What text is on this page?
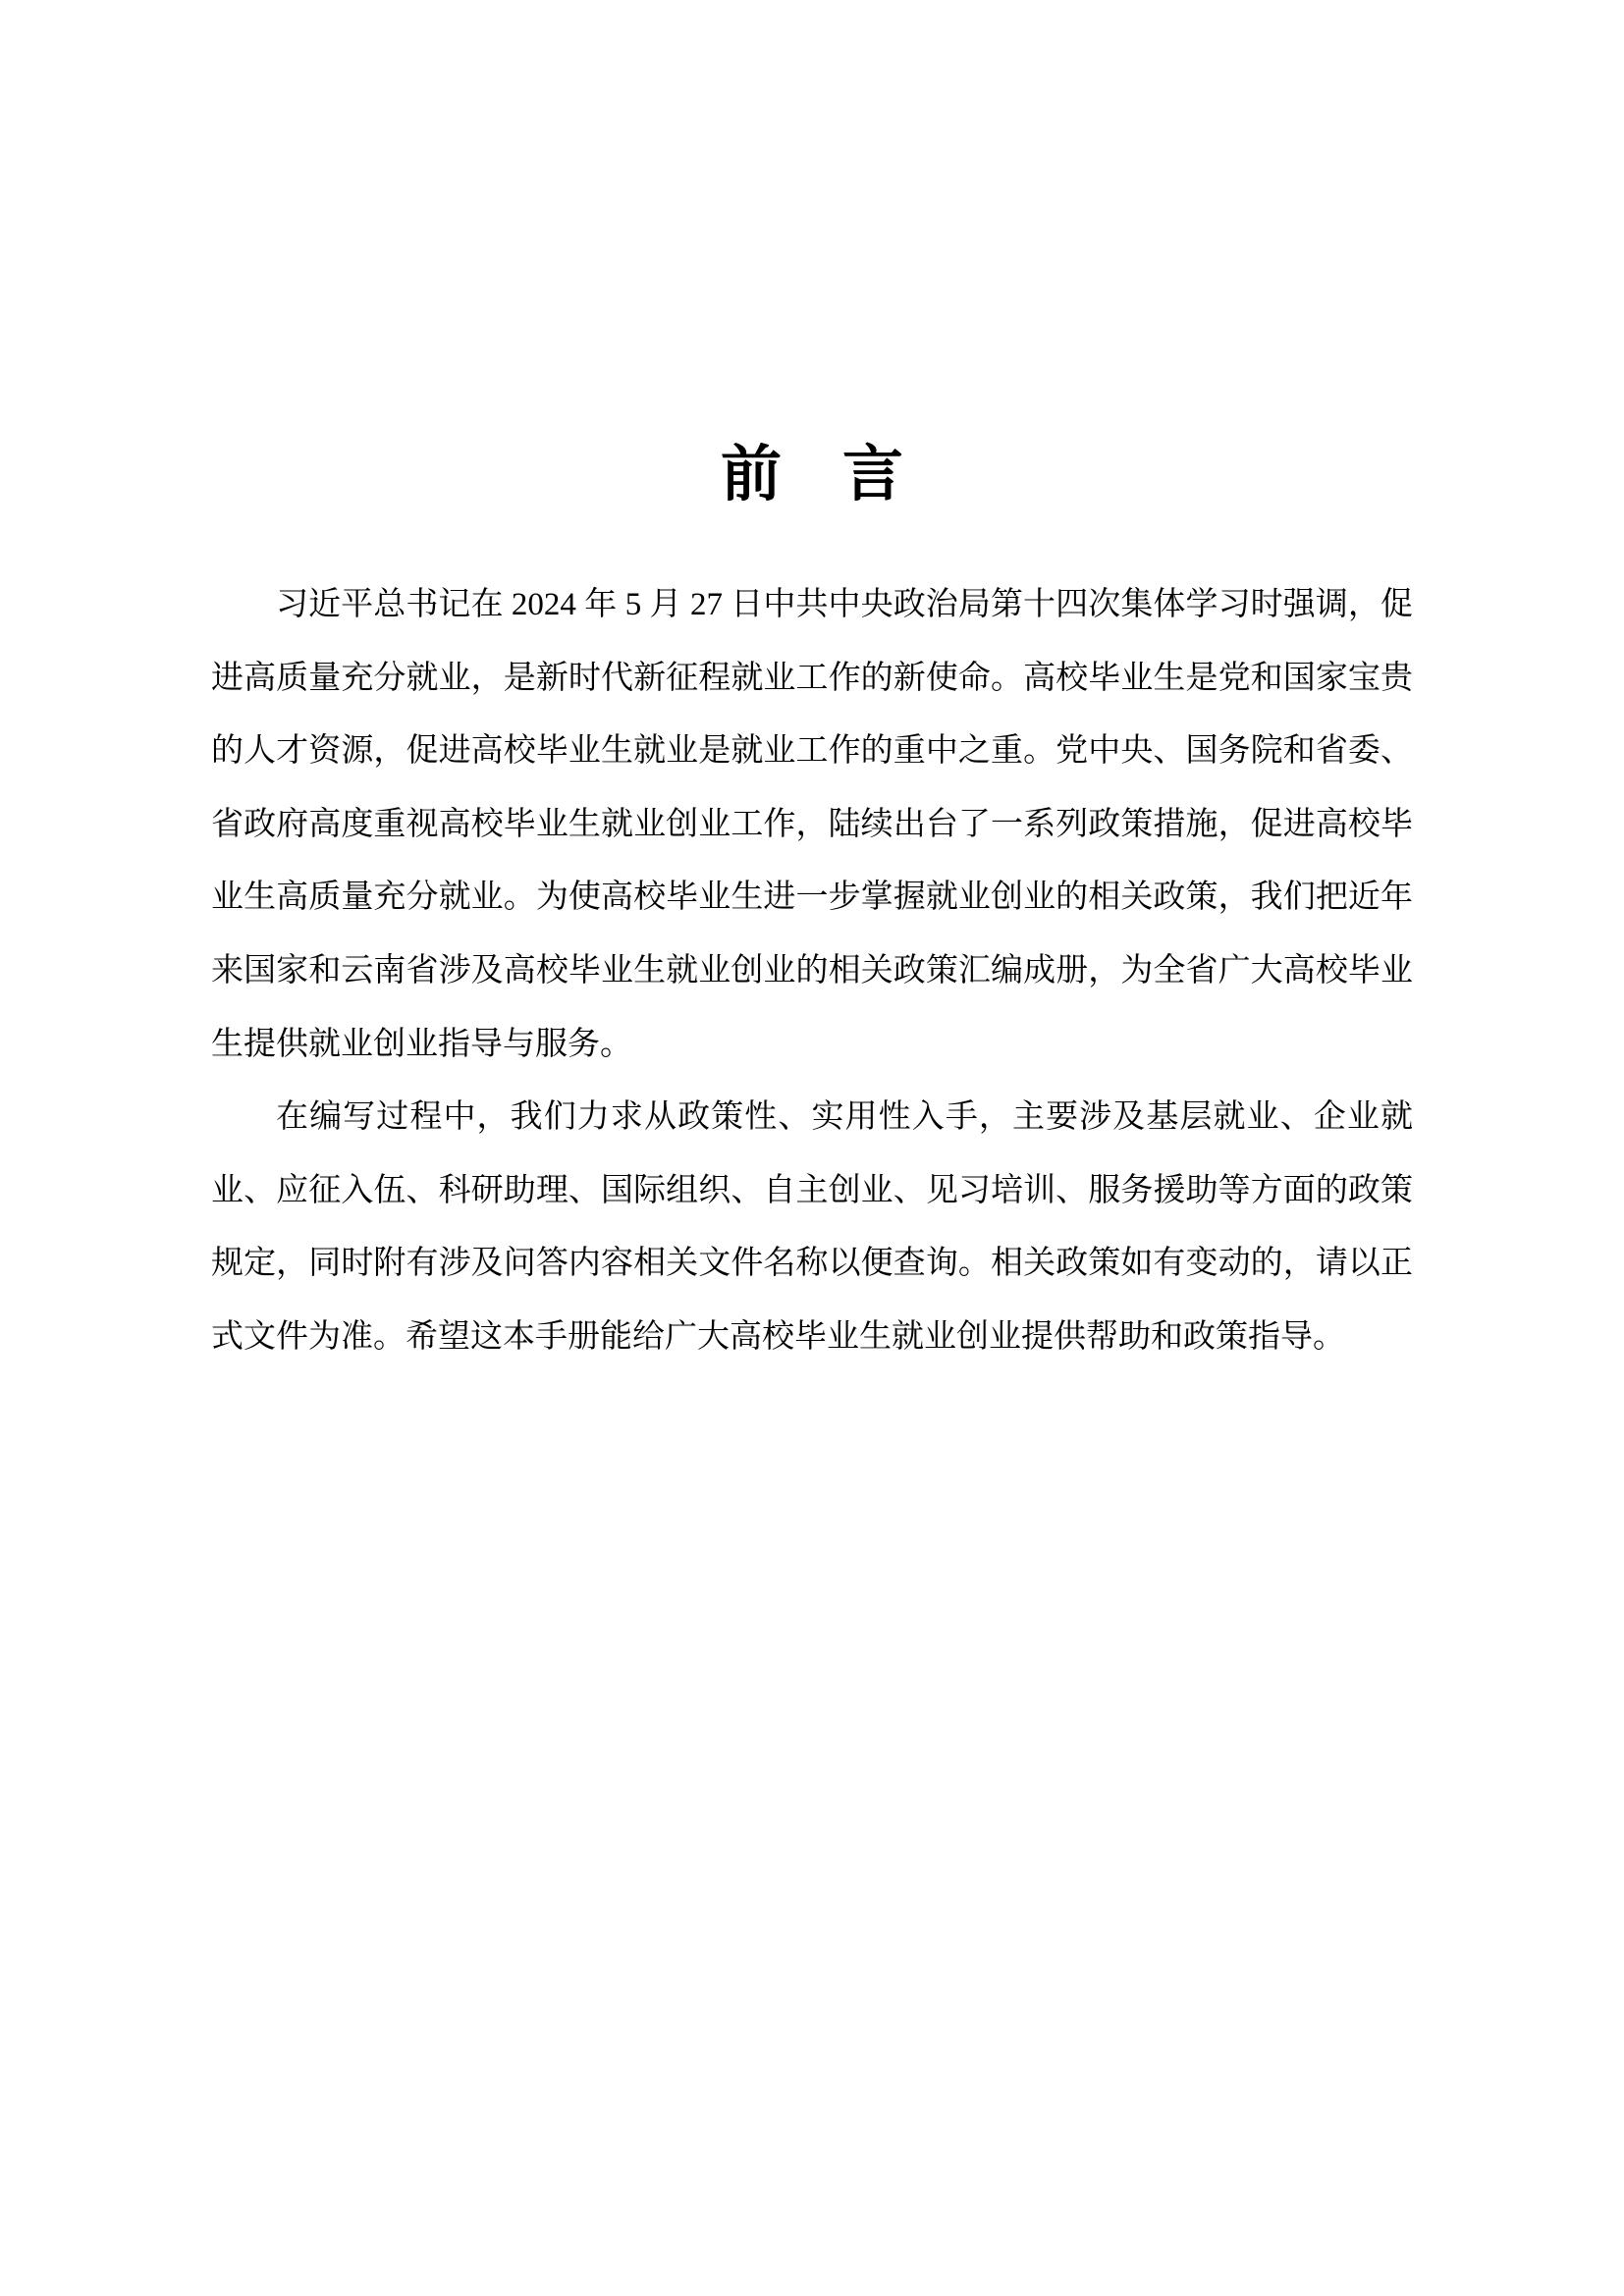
前　言

习近平总书记在 2024 年 5 月 27 日中共中央政治局第十四次集体学习时强调，促进高质量充分就业，是新时代新征程就业工作的新使命。高校毕业生是党和国家宝贵的人才资源，促进高校毕业生就业是就业工作的重中之重。党中央、国务院和省委、省政府高度重视高校毕业生就业创业工作，陆续出台了一系列政策措施，促进高校毕业生高质量充分就业。为使高校毕业生进一步掌握就业创业的相关政策，我们把近年来国家和云南省涉及高校毕业生就业创业的相关政策汇编成册，为全省广大高校毕业生提供就业创业指导与服务。

在编写过程中，我们力求从政策性、实用性入手，主要涉及基层就业、企业就业、应征入伍、科研助理、国际组织、自主创业、见习培训、服务援助等方面的政策规定，同时附有涉及问答内容相关文件名称以便查询。相关政策如有变动的，请以正式文件为准。希望这本手册能给广大高校毕业生就业创业提供帮助和政策指导。
